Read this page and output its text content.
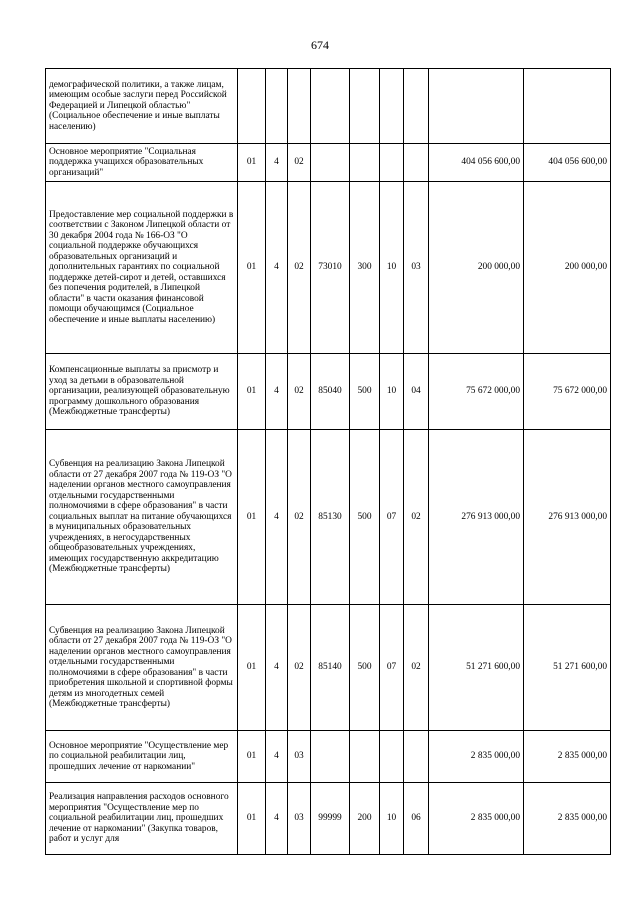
674
демографической политики, а также лицам, имеющим особые заслуги перед Российской Федерацией и Липецкой областью" (Социальное обеспечение и иные выплаты населению)									
Основное мероприятие "Социальная поддержка учащихся образовательных организаций"	01	4	02					404 056 600,00	404 056 600,00
Предоставление мер социальной поддержки в соответствии с Законом Липецкой области от 30 декабря 2004 года № 166-ОЗ "О социальной поддержке обучающихся образовательных организаций и дополнительных гарантиях по социальной поддержке детей-сирот и детей, оставшихся без попечения родителей, в Липецкой области" в части оказания финансовой помощи обучающимся (Социальное обеспечение и иные выплаты населению)	01	4	02	73010	300	10	03	200 000,00	200 000,00
Компенсационные выплаты за присмотр и уход за детьми в образовательной организации, реализующей образовательную программу дошкольного образования (Межбюджетные трансферты)	01	4	02	85040	500	10	04	75 672 000,00	75 672 000,00
Субвенция на реализацию Закона Липецкой области от 27 декабря 2007 года № 119-ОЗ "О наделении органов местного самоуправления отдельными государственными полномочиями в сфере образования" в части социальных выплат на питание обучающихся в муниципальных образовательных учреждениях, в негосударственных общеобразовательных учреждениях, имеющих государственную аккредитацию (Межбюджетные трансферты)	01	4	02	85130	500	07	02	276 913 000,00	276 913 000,00
Субвенция на реализацию Закона Липецкой области от 27 декабря 2007 года № 119-ОЗ "О наделении органов местного самоуправления отдельными государственными полномочиями в сфере образования" в части приобретения школьной и спортивной формы детям из многодетных семей (Межбюджетные трансферты)	01	4	02	85140	500	07	02	51 271 600,00	51 271 600,00
Основное мероприятие "Осуществление мер по социальной реабилитации лиц, прошедших лечение от наркомании"	01	4	03					2 835 000,00	2 835 000,00
Реализация направления расходов основного мероприятия "Осуществление мер по социальной реабилитации лиц, прошедших лечение от наркомании" (Закупка товаров, работ и услуг для	01	4	03	99999	200	10	06	2 835 000,00	2 835 000,00
